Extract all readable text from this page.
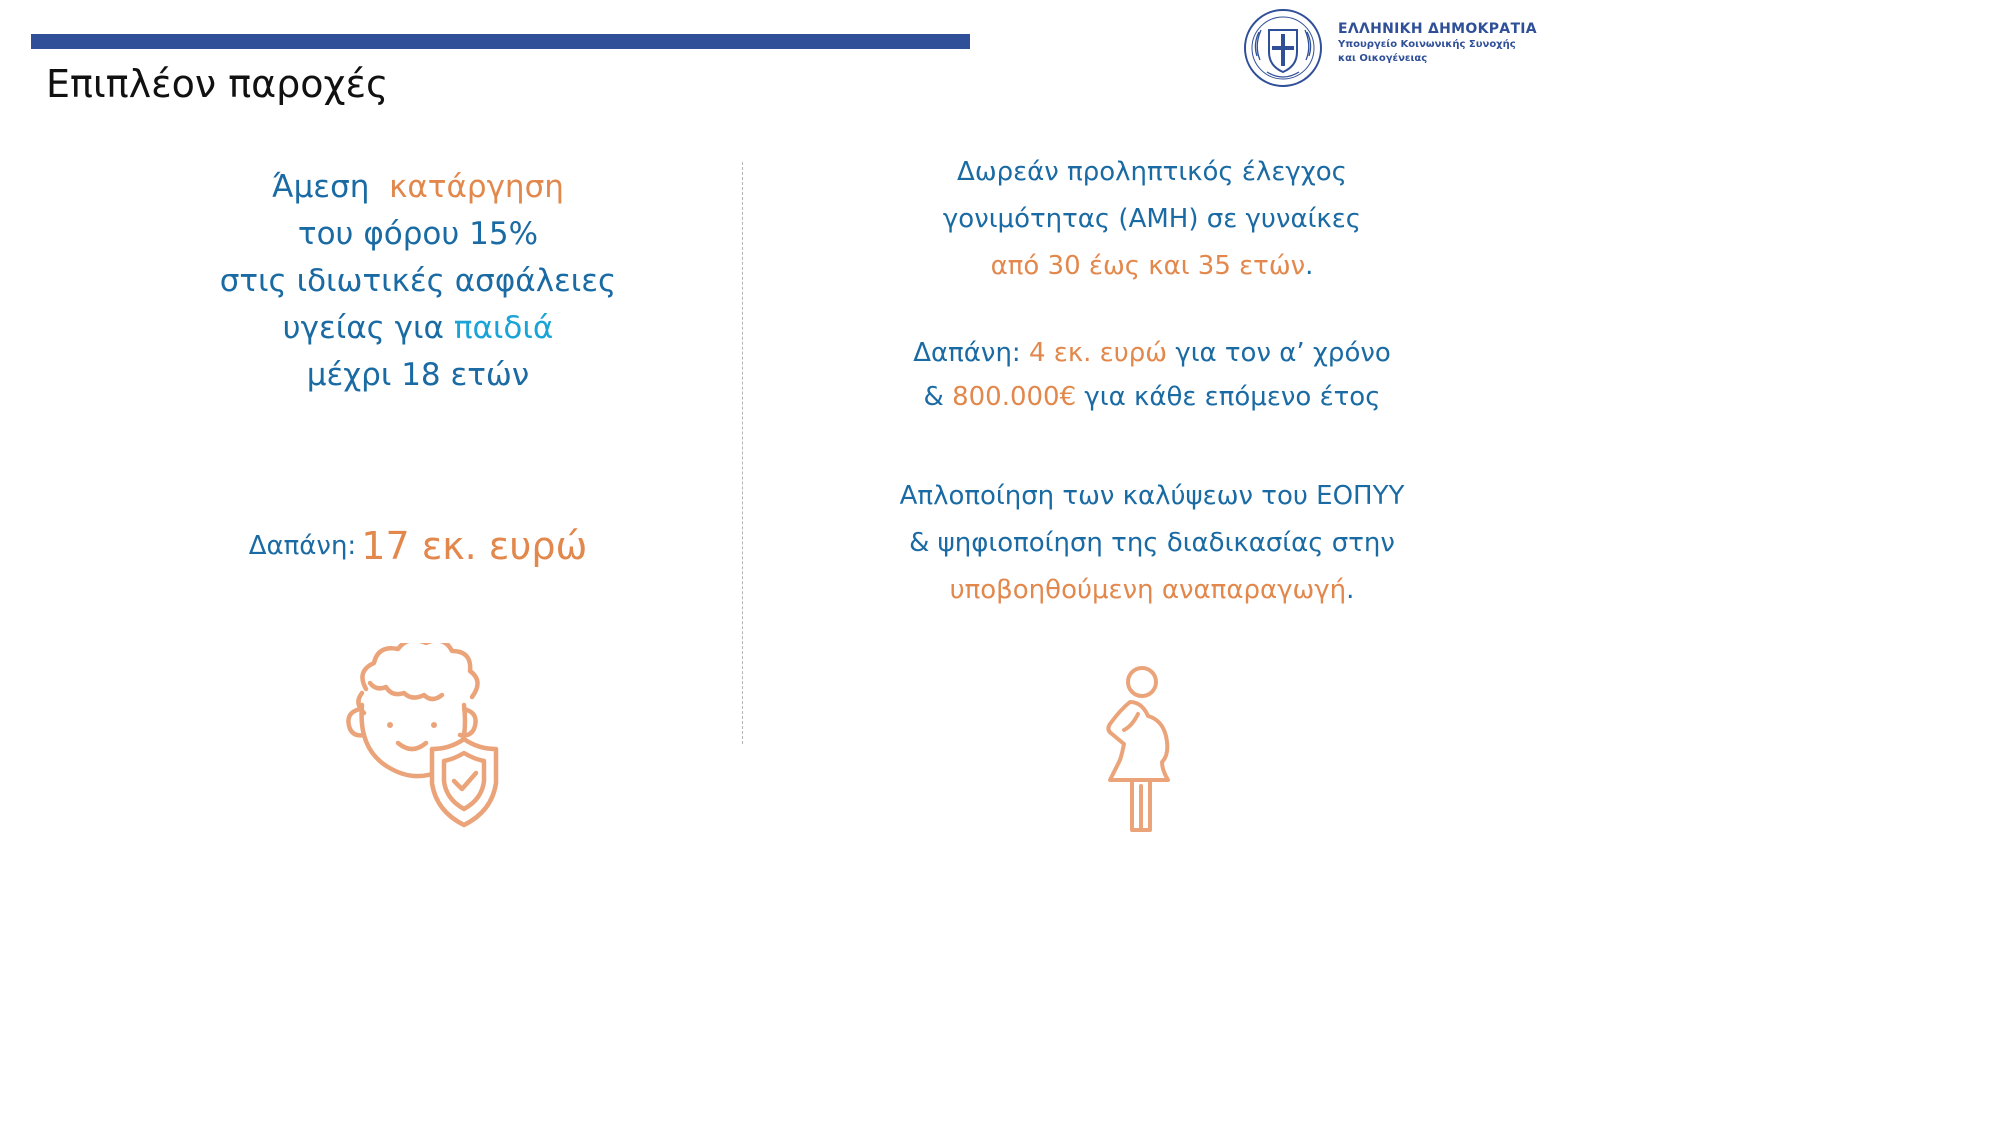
Επιπλέον παροχές
ΕΛΛΗΝΙΚΗ ΔΗΜΟΚΡΑΤΙΑ
Υπουργείο Κοινωνικής Συνοχής
και Οικογένειας
Άμεση κατάργηση
του φόρου 15%
στις ιδιωτικές ασφάλειες
υγείας για παιδιά
μέχρι 18 ετών
Δαπάνη: 17 εκ. ευρώ
Δωρεάν προληπτικός έλεγχος
γονιμότητας (AMH) σε γυναίκες
από 30 έως και 35 ετών.
Δαπάνη: 4 εκ. ευρώ για τον α’ χρόνο
& 800.000€ για κάθε επόμενο έτος
Απλοποίηση των καλύψεων του ΕΟΠΥΥ
& ψηφιοποίηση της διαδικασίας στην
υποβοηθούμενη αναπαραγωγή.
